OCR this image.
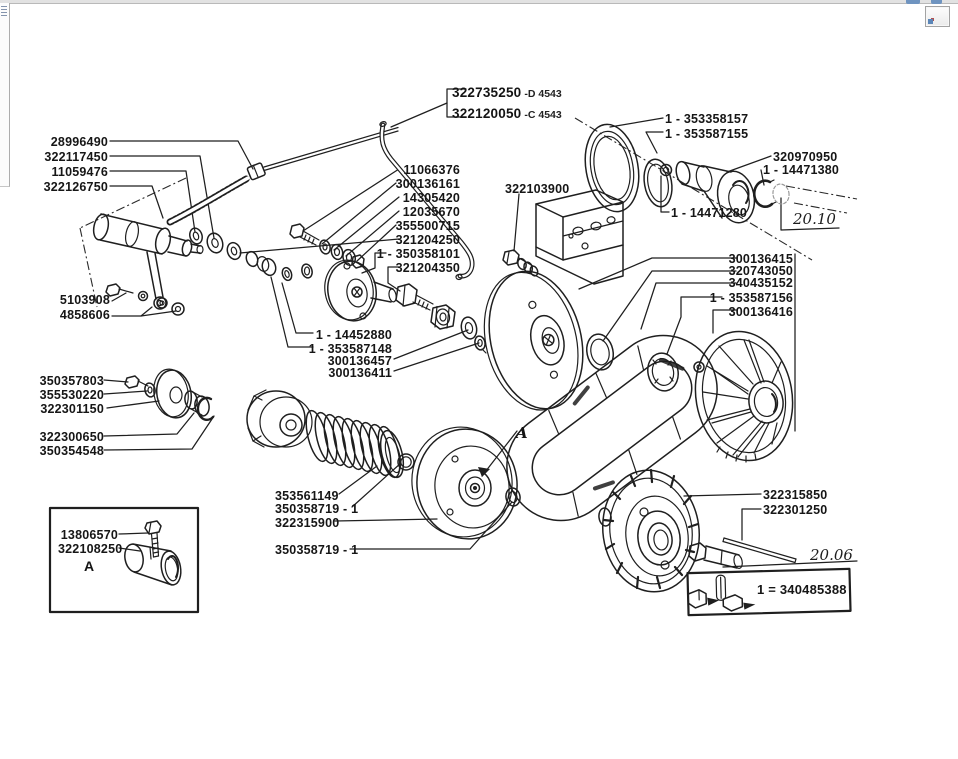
28996490
322117450
11059476
322126750
322735250 -D 4543
322120050 -C 4543
322103900
11066376
300136161
14305420
12035670
355500715
321204250
1 - 350358101
321204350
1 - 353358157
1 - 353587155
320970950
1 - 14471380
1 - 14471280	20.10
300136415
320743050
340435152
1 - 353587156
300136416
5103908
4858606
350357803
355530220
322301150
322300650
350354548
1 - 14452880
1 - 353587148
300136457
300136411
353561149
350358719 - 1
322315900
350358719 - 1
322315850
322301250
20.06
1 = 340485388
13806570
322108250
A
A
